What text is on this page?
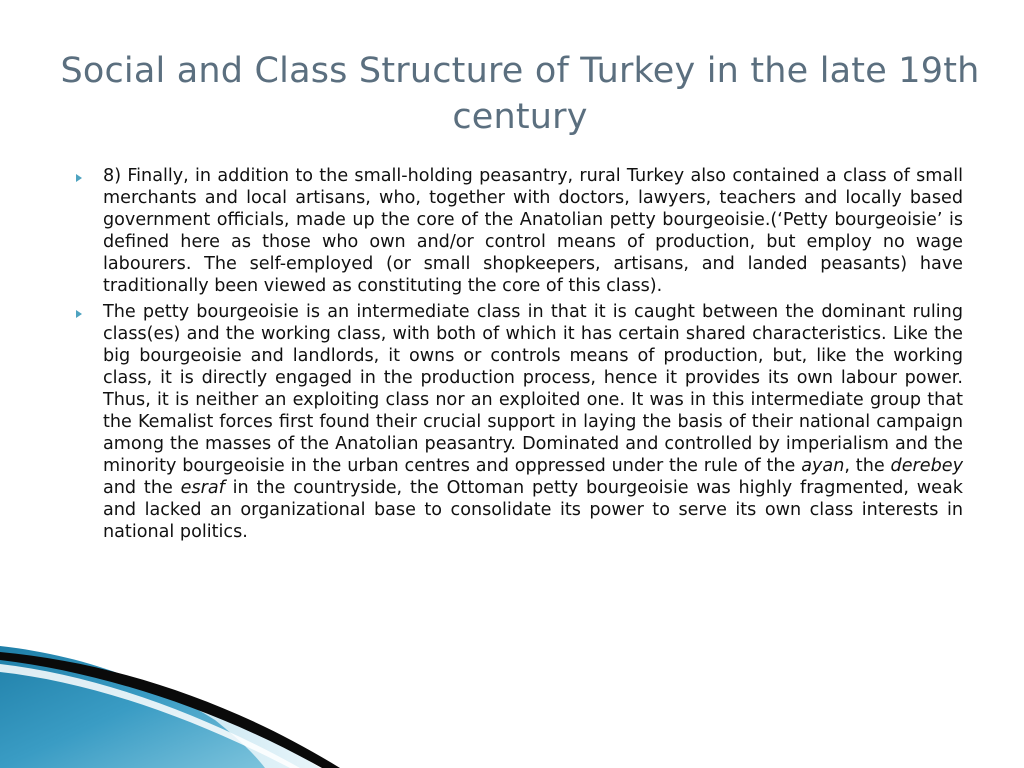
Social and Class Structure of Turkey in the late 19th century
8) Finally, in addition to the small-holding peasantry, rural Turkey also contained a class of small merchants and local artisans, who, together with doctors, lawyers, teachers and locally based government officials, made up the core of the Anatolian petty bourgeoisie.(‘Petty bourgeoisie’ is defined here as those who own and/or control means of production, but employ no wage labourers. The self-employed (or small shopkeepers, artisans, and landed peasants) have traditionally been viewed as constituting the core of this class).
The petty bourgeoisie is an intermediate class in that it is caught between the dominant ruling class(es) and the working class, with both of which it has certain shared characteristics. Like the big bourgeoisie and landlords, it owns or controls means of production, but, like the working class, it is directly engaged in the production process, hence it provides its own labour power. Thus, it is neither an exploiting class nor an exploited one. It was in this intermediate group that the Kemalist forces first found their crucial support in laying the basis of their national campaign among the masses of the Anatolian peasantry. Dominated and controlled by imperialism and the minority bourgeoisie in the urban centres and oppressed under the rule of the ayan, the derebey and the esraf in the countryside, the Ottoman petty bourgeoisie was highly fragmented, weak and lacked an organizational base to consolidate its power to serve its own class interests in national politics.
